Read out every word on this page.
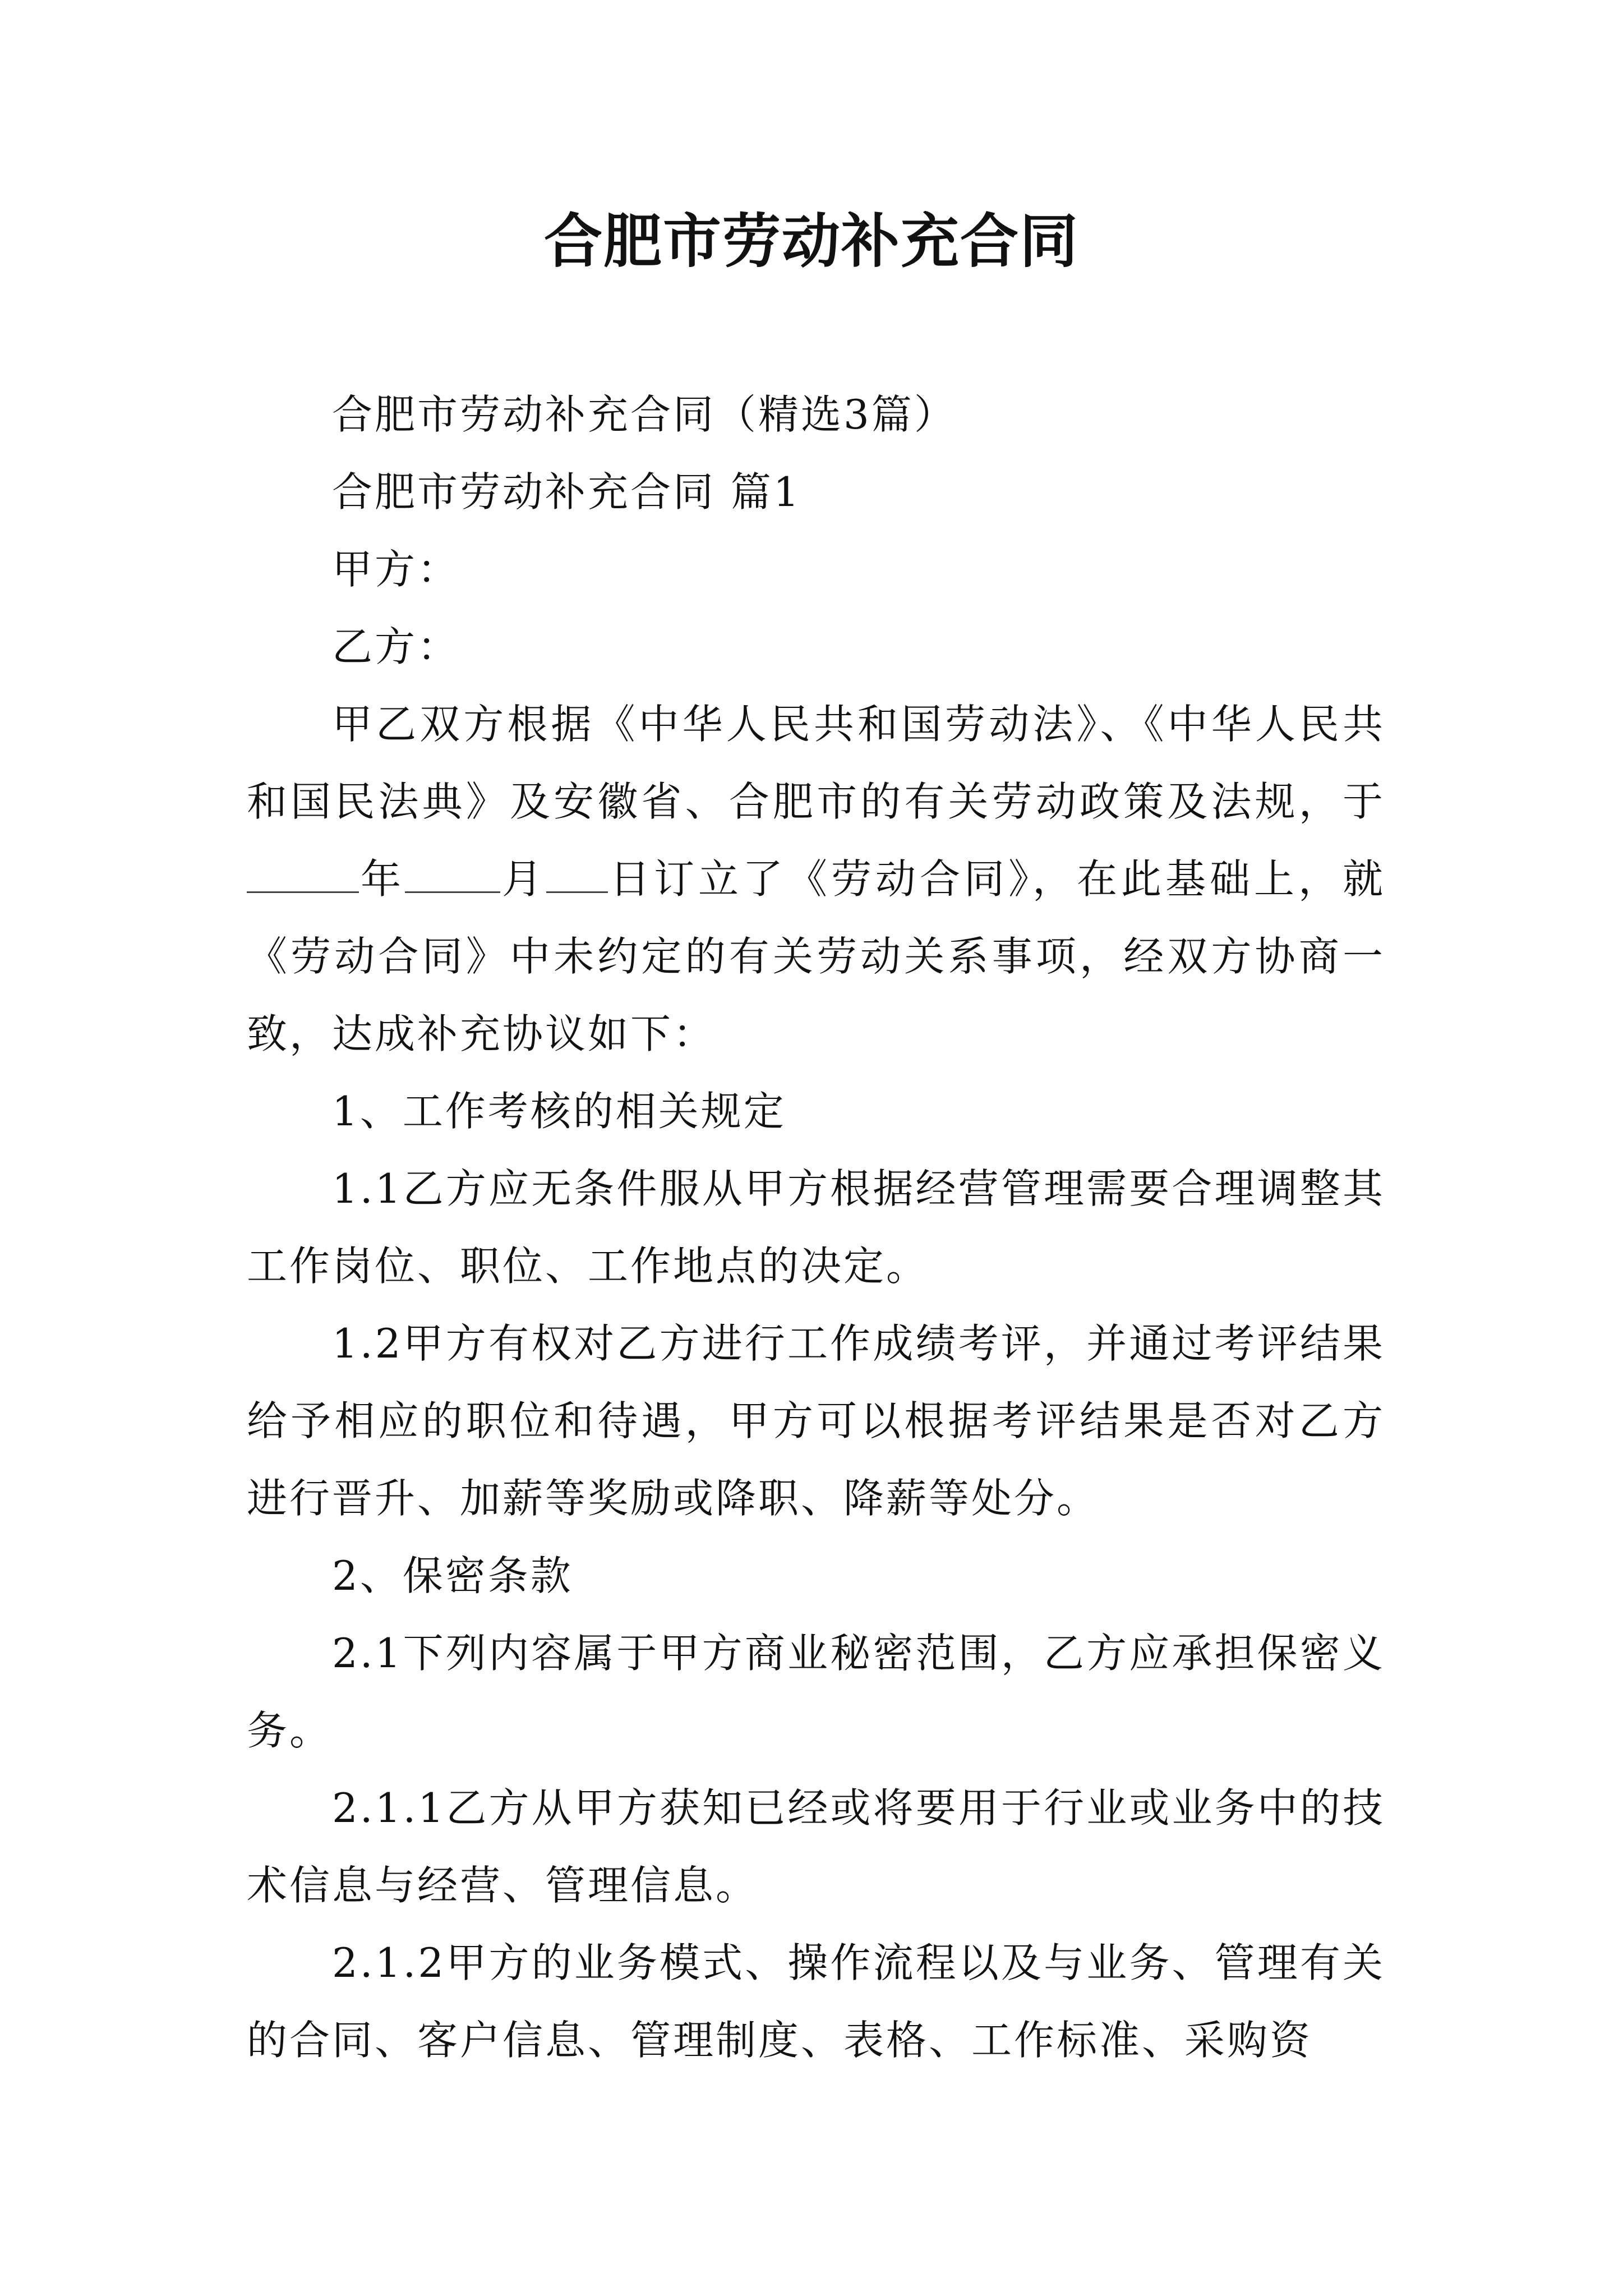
合肥市劳动补充合同

合肥市劳动补充合同（精选3篇）

合肥市劳动补充合同 篇1

甲方：

乙方：

甲乙双方根据《中华人民共和国劳动法》、《中华人民共和国民法典》及安徽省、合肥市的有关劳动政策及法规，于年 月 日订立了《劳动合同》，在此基础上，就《劳动合同》中未约定的有关劳动关系事项，经双方协商一致，达成补充协议如下：

1、工作考核的相关规定

1.1乙方应无条件服从甲方根据经营管理需要合理调整其工作岗位、职位、工作地点的决定。

1.2甲方有权对乙方进行工作成绩考评，并通过考评结果给予相应的职位和待遇，甲方可以根据考评结果是否对乙方进行晋升、加薪等奖励或降职、降薪等处分。

2、保密条款

2.1下列内容属于甲方商业秘密范围，乙方应承担保密义务。

2.1.1乙方从甲方获知已经或将要用于行业或业务中的技术信息与经营、管理信息。

2.1.2甲方的业务模式、操作流程以及与业务、管理有关的合同、客户信息、管理制度、表格、工作标准、采购资
